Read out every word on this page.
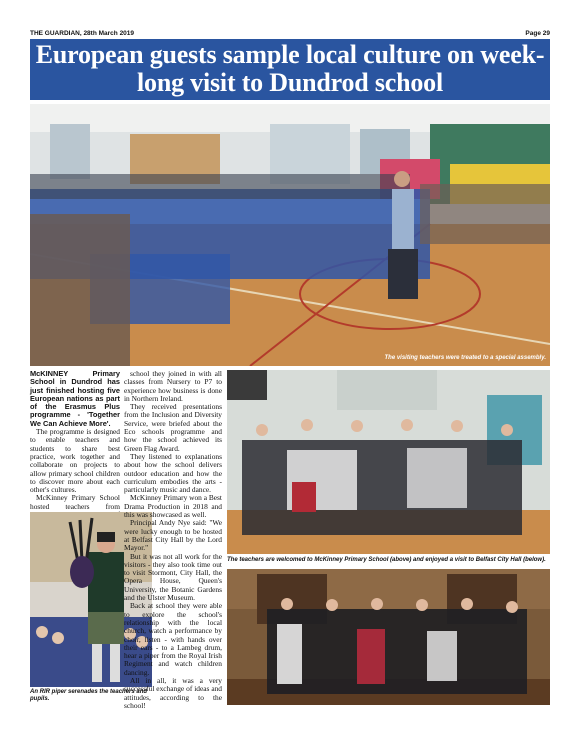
THE GUARDIAN, 28th March 2019	Page 29
European guests sample local culture on week-long visit to Dundrod school
The visiting teachers were treated to a special assembly.

McKINNEY Primary School in Dundrod has just finished hosting five European nations as part of the Erasmus Plus programme - 'Together We Can Achieve More'.

The programme is designed to enable teachers and students to share best practice, work together and collaborate on projects to allow primary school children to discover more about each other's cultures.

McKinney Primary School hosted teachers from

An RIR piper serenades the teachers and pupils.

school they joined in with all classes from Nursery to P7 to experience how business is done in Northern Ireland.

They received presentations from the Inclusion and Diversity Service, were briefed about the Eco schools programme and how the school achieved its Green Flag Award.

They listened to explanations about how the school delivers outdoor education and how the curriculum embodies the arts - particularly music and dance.

McKinney Primary won a Best Drama Production in 2018 and this was showcased as well.

Principal Andy Nye said: "We were lucky enough to be hosted at Belfast City Hall by the Lord Mayor."

But it was not all work for the visitors - they also took time out to visit Stormont, City Hall, the Opera House, Queen's University, the Botanic Gardens and the Ulster Museum.

Back at school they were able to explore the school's relationship with the local church, watch a performance by choir, listen - with hands over their ears - to a Lambeg drum, hear a piper from the Royal Irish Regiment and watch children dancing.

All in all, it was a very successful exchange of ideas and attitudes, according to the school!

The teachers are welcomed to McKinney Primary School (above) and enjoyed a visit to Belfast City Hall (below).
